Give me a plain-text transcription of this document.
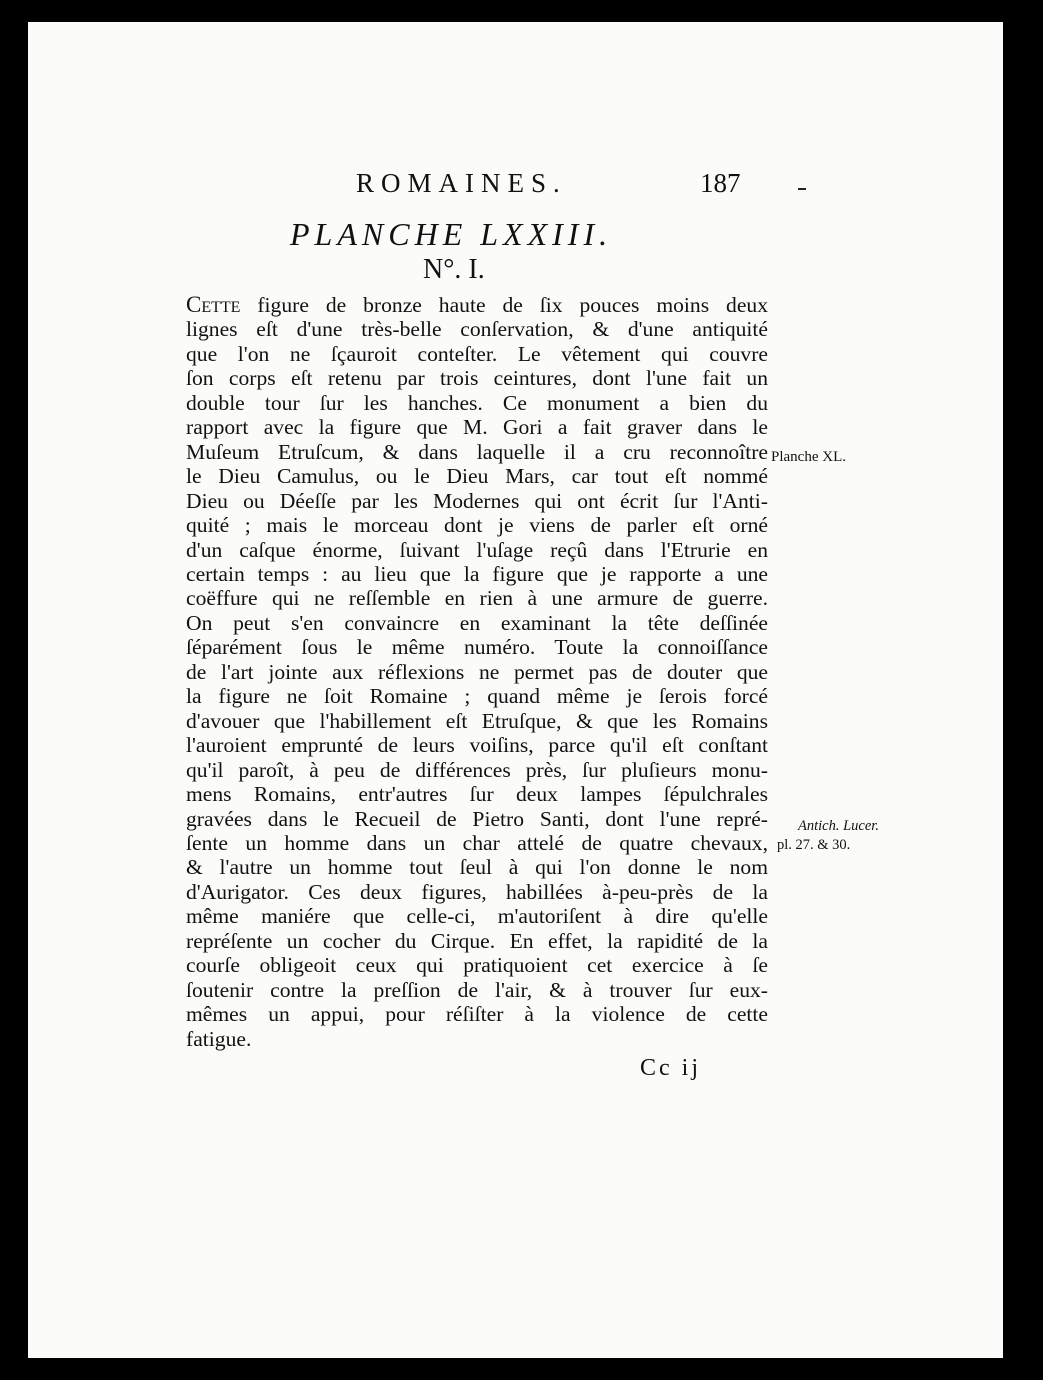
ROMAINES.	187
PLANCHE LXXIII.
N°. I.
Cette figure de bronze haute de ſix pouces moins deux
lignes eſt d'une très-belle conſervation, & d'une antiquité
que l'on ne ſçauroit conteſter. Le vêtement qui couvre
ſon corps eſt retenu par trois ceintures, dont l'une fait un
double tour ſur les hanches. Ce monument a bien du
rapport avec la figure que M. Gori a fait graver dans le
Muſeum Etruſcum, & dans laquelle il a cru reconnoître
le Dieu Camulus, ou le Dieu Mars, car tout eſt nommé
Dieu ou Déeſſe par les Modernes qui ont écrit ſur l'Anti-
quité ; mais le morceau dont je viens de parler eſt orné
d'un caſque énorme, ſuivant l'uſage reçû dans l'Etrurie en
certain temps : au lieu que la figure que je rapporte a une
coëffure qui ne reſſemble en rien à une armure de guerre.
On peut s'en convaincre en examinant la tête deſſinée
ſéparément ſous le même numéro. Toute la connoiſſance
de l'art jointe aux réflexions ne permet pas de douter que
la figure ne ſoit Romaine ; quand même je ſerois forcé
d'avouer que l'habillement eſt Etruſque, & que les Romains
l'auroient emprunté de leurs voiſins, parce qu'il eſt conſtant
qu'il paroît, à peu de différences près, ſur pluſieurs monu-
mens Romains, entr'autres ſur deux lampes ſépulchrales
gravées dans le Recueil de Pietro Santi, dont l'une repré-
ſente un homme dans un char attelé de quatre chevaux,
& l'autre un homme tout ſeul à qui l'on donne le nom
d'Aurigator. Ces deux figures, habillées à-peu-près de la
même maniére que celle-ci, m'autoriſent à dire qu'elle
repréſente un cocher du Cirque. En effet, la rapidité de la
courſe obligeoit ceux qui pratiquoient cet exercice à ſe
ſoutenir contre la preſſion de l'air, & à trouver ſur eux-
mêmes un appui, pour réſiſter à la violence de cette
fatigue.
Planche XL.
Antich. Lucer.
pl. 27. & 30.
Cc ij
